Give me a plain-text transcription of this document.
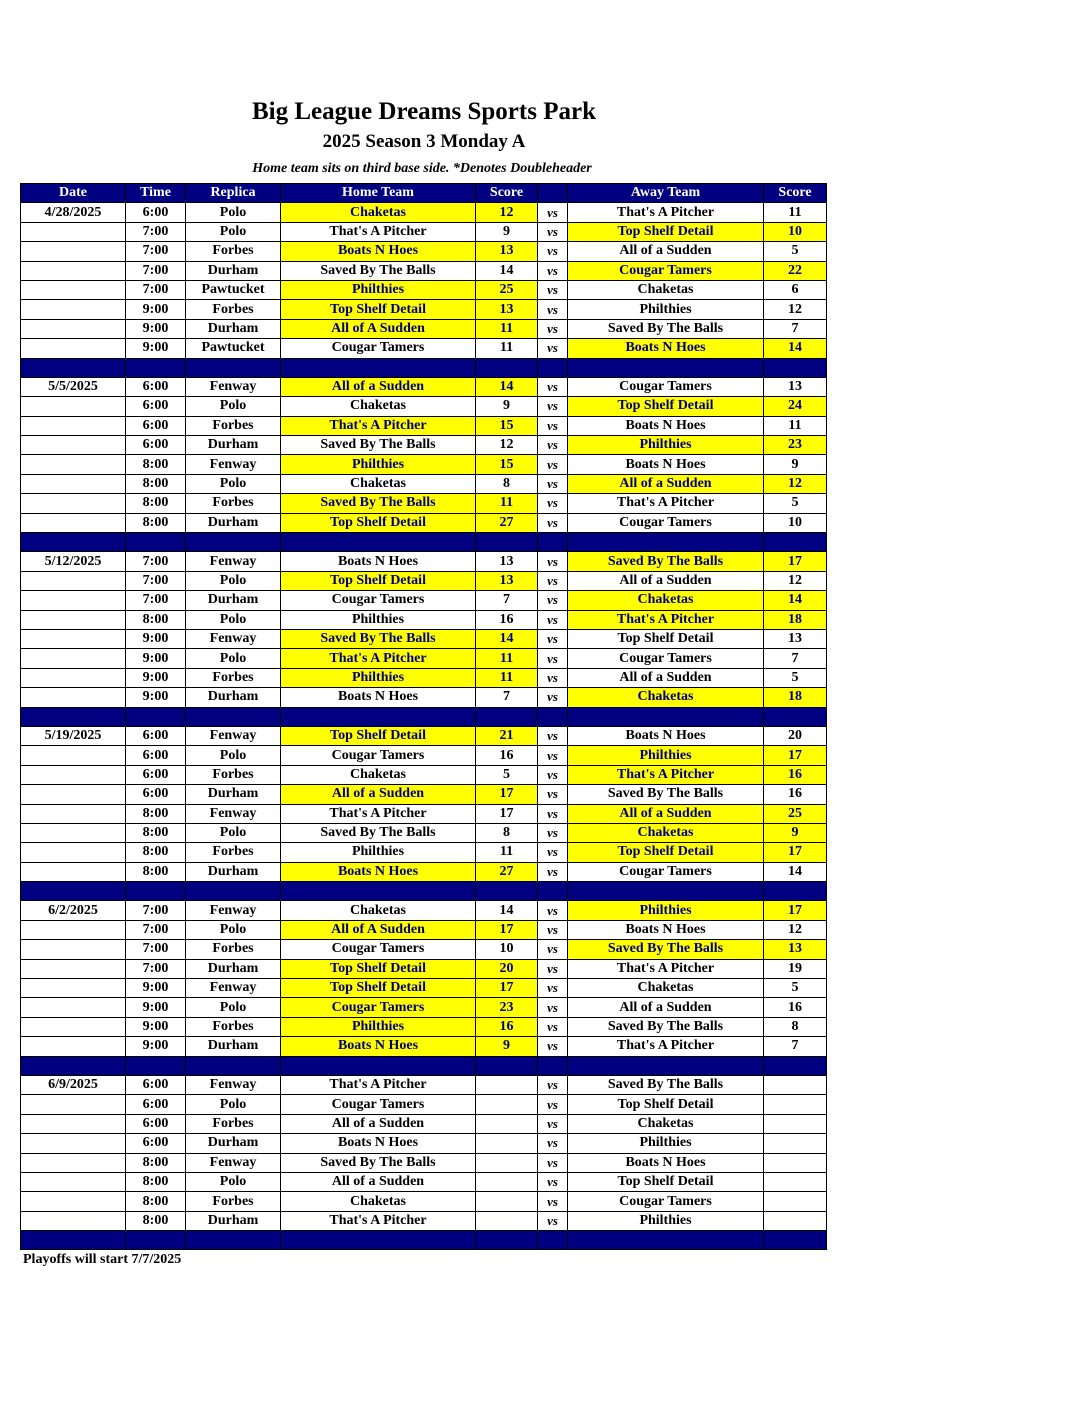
Big League Dreams Sports Park
2025 Season 3 Monday A
Home team sits on third base side. *Denotes Doubleheader
Date	Time	Replica	Home Team	Score		Away Team	Score
4/28/2025	6:00	Polo	Chaketas	12	vs	That's A Pitcher	11
	7:00	Polo	That's A Pitcher	9	vs	Top Shelf Detail	10
	7:00	Forbes	Boats N Hoes	13	vs	All of a Sudden	5
	7:00	Durham	Saved By The Balls	14	vs	Cougar Tamers	22
	7:00	Pawtucket	Philthies	25	vs	Chaketas	6
	9:00	Forbes	Top Shelf Detail	13	vs	Philthies	12
	9:00	Durham	All of A Sudden	11	vs	Saved By The Balls	7
	9:00	Pawtucket	Cougar Tamers	11	vs	Boats N Hoes	14

5/5/2025	6:00	Fenway	All of a Sudden	14	vs	Cougar Tamers	13
	6:00	Polo	Chaketas	9	vs	Top Shelf Detail	24
	6:00	Forbes	That's A Pitcher	15	vs	Boats N Hoes	11
	6:00	Durham	Saved By The Balls	12	vs	Philthies	23
	8:00	Fenway	Philthies	15	vs	Boats N Hoes	9
	8:00	Polo	Chaketas	8	vs	All of a Sudden	12
	8:00	Forbes	Saved By The Balls	11	vs	That's A Pitcher	5
	8:00	Durham	Top Shelf Detail	27	vs	Cougar Tamers	10

5/12/2025	7:00	Fenway	Boats N Hoes	13	vs	Saved By The Balls	17
	7:00	Polo	Top Shelf Detail	13	vs	All of a Sudden	12
	7:00	Durham	Cougar Tamers	7	vs	Chaketas	14
	8:00	Polo	Philthies	16	vs	That's A Pitcher	18
	9:00	Fenway	Saved By The Balls	14	vs	Top Shelf Detail	13
	9:00	Polo	That's A Pitcher	11	vs	Cougar Tamers	7
	9:00	Forbes	Philthies	11	vs	All of a Sudden	5
	9:00	Durham	Boats N Hoes	7	vs	Chaketas	18

5/19/2025	6:00	Fenway	Top Shelf Detail	21	vs	Boats N Hoes	20
	6:00	Polo	Cougar Tamers	16	vs	Philthies	17
	6:00	Forbes	Chaketas	5	vs	That's A Pitcher	16
	6:00	Durham	All of a Sudden	17	vs	Saved By The Balls	16
	8:00	Fenway	That's A Pitcher	17	vs	All of a Sudden	25
	8:00	Polo	Saved By The Balls	8	vs	Chaketas	9
	8:00	Forbes	Philthies	11	vs	Top Shelf Detail	17
	8:00	Durham	Boats N Hoes	27	vs	Cougar Tamers	14

6/2/2025	7:00	Fenway	Chaketas	14	vs	Philthies	17
	7:00	Polo	All of A Sudden	17	vs	Boats N Hoes	12
	7:00	Forbes	Cougar Tamers	10	vs	Saved By The Balls	13
	7:00	Durham	Top Shelf Detail	20	vs	That's A Pitcher	19
	9:00	Fenway	Top Shelf Detail	17	vs	Chaketas	5
	9:00	Polo	Cougar Tamers	23	vs	All of a Sudden	16
	9:00	Forbes	Philthies	16	vs	Saved By The Balls	8
	9:00	Durham	Boats N Hoes	9	vs	That's A Pitcher	7

6/9/2025	6:00	Fenway	That's A Pitcher		vs	Saved By The Balls	
	6:00	Polo	Cougar Tamers		vs	Top Shelf Detail	
	6:00	Forbes	All of a Sudden		vs	Chaketas	
	6:00	Durham	Boats N Hoes		vs	Philthies	
	8:00	Fenway	Saved By The Balls		vs	Boats N Hoes	
	8:00	Polo	All of a Sudden		vs	Top Shelf Detail	
	8:00	Forbes	Chaketas		vs	Cougar Tamers	
	8:00	Durham	That's A Pitcher		vs	Philthies	

Playoffs will start 7/7/2025
